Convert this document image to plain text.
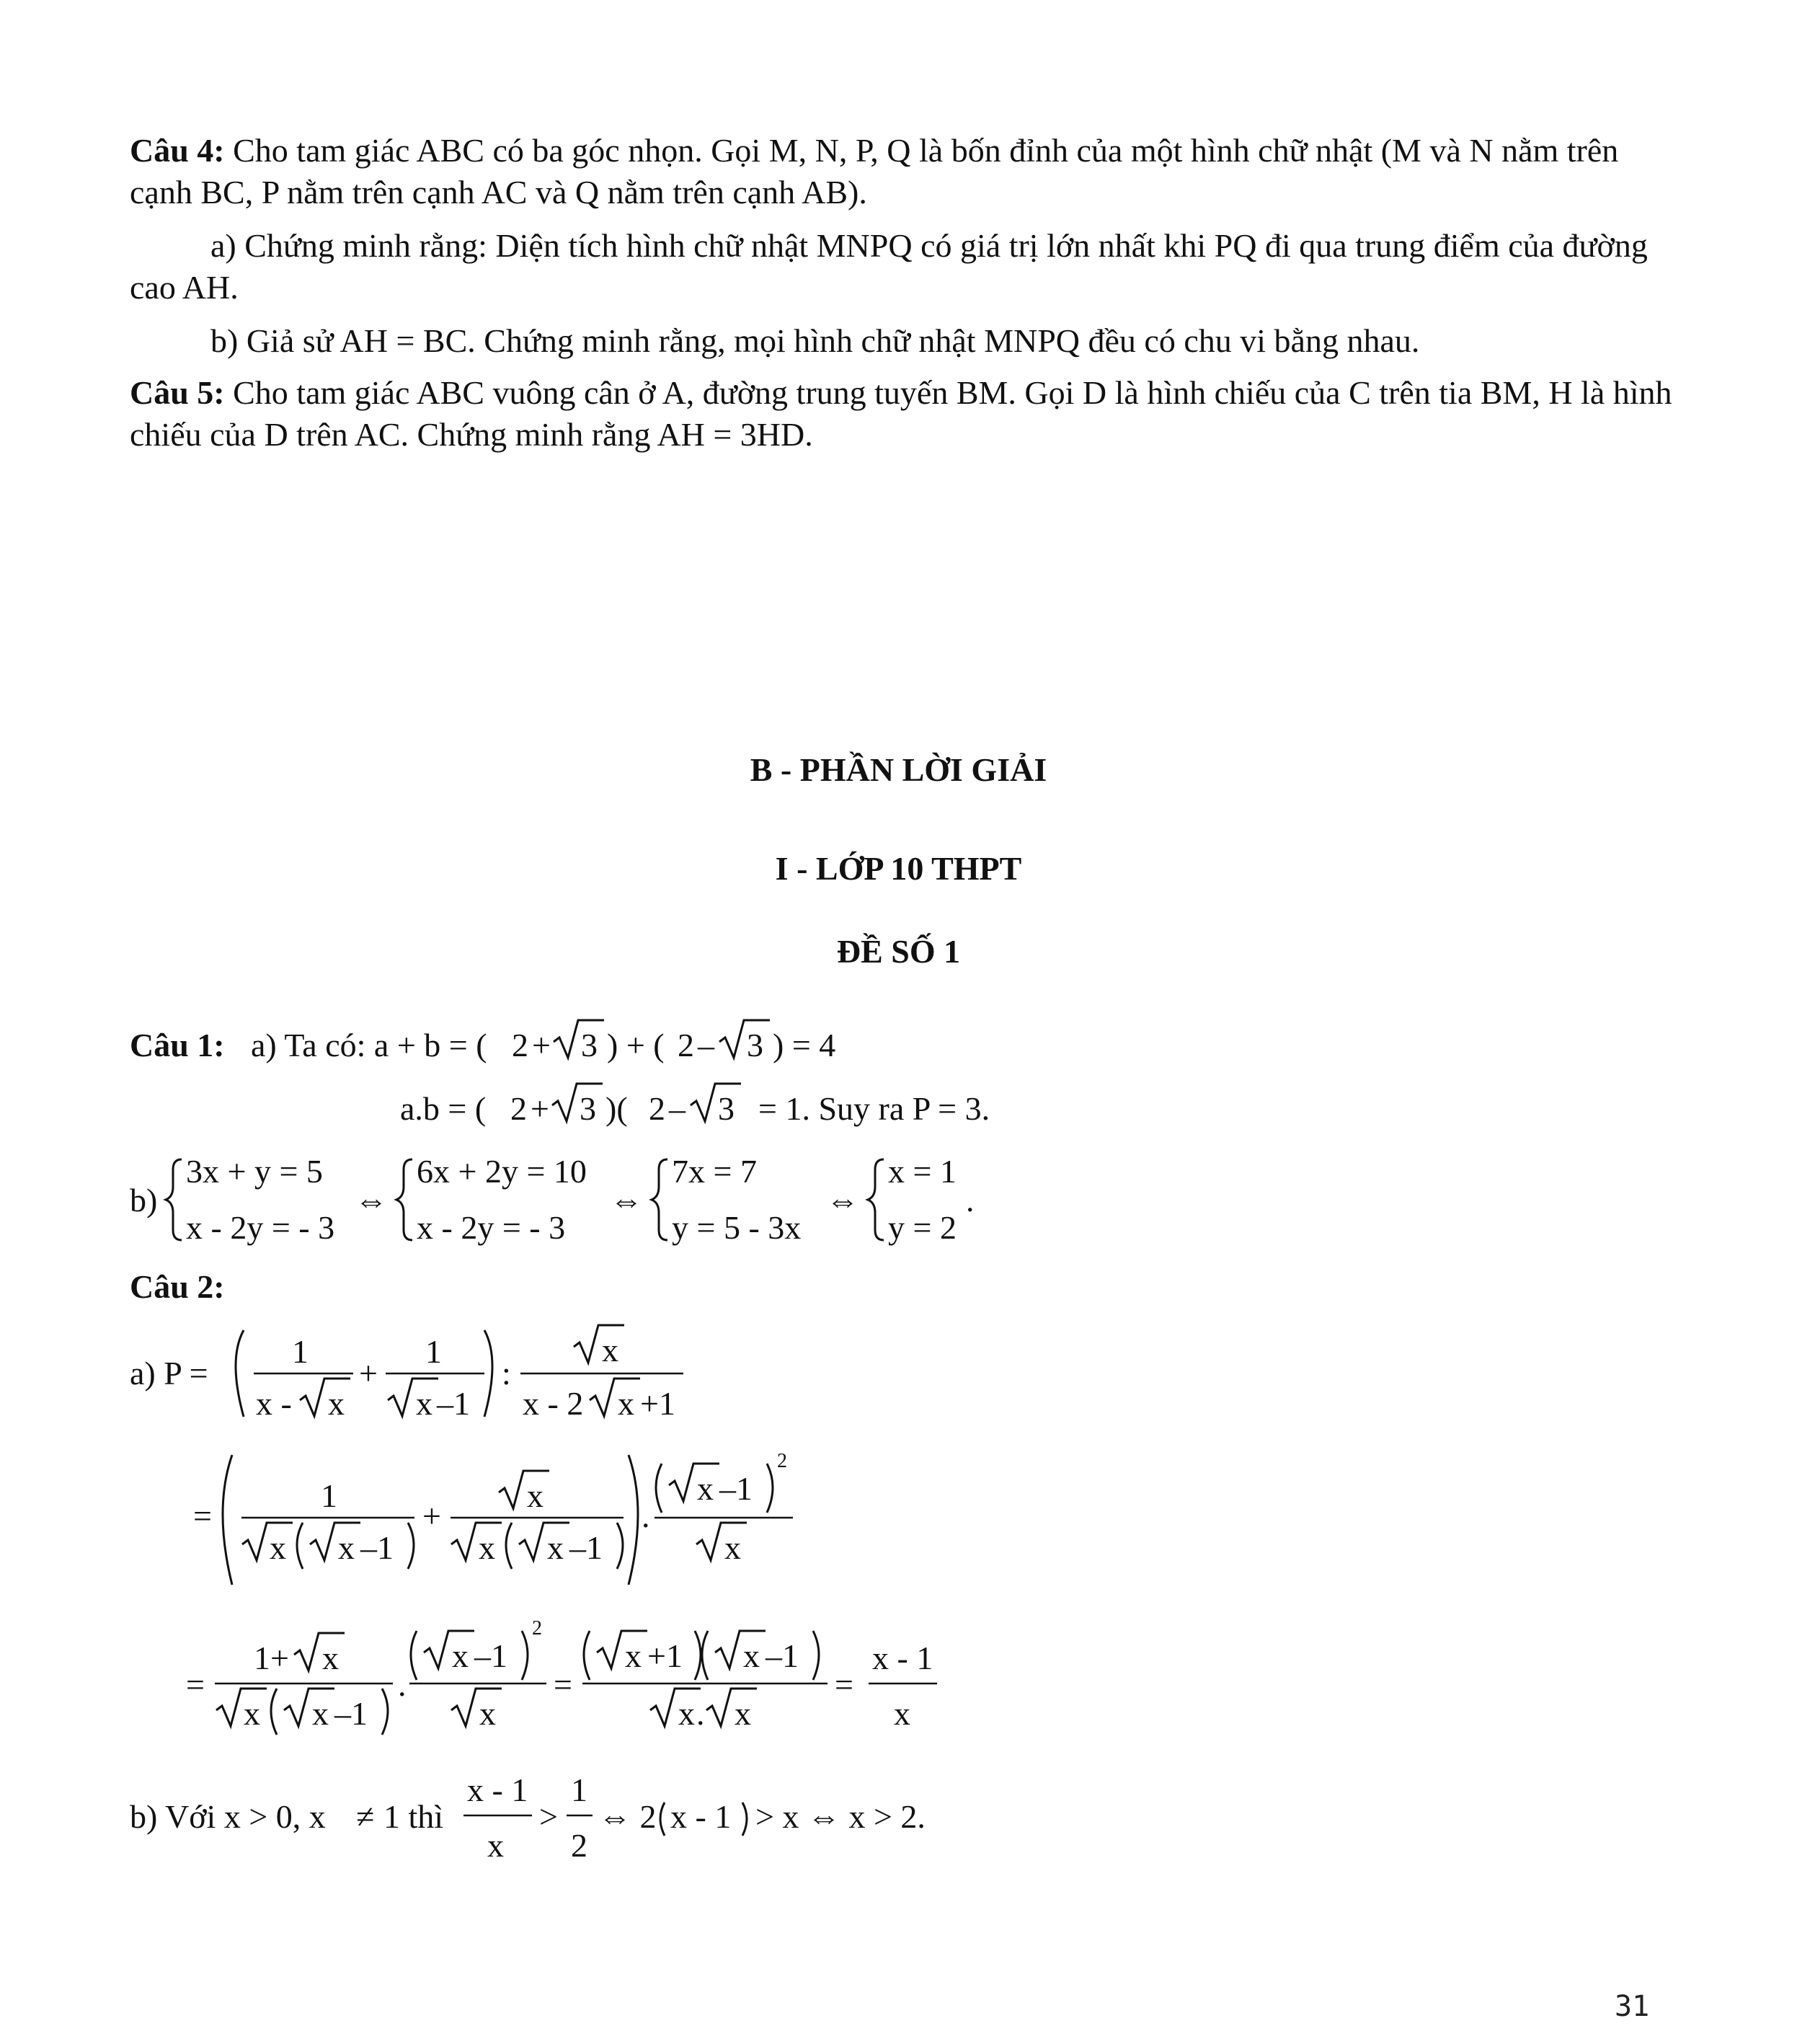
Câu 4: Cho tam giác ABC có ba góc nhọn. Gọi M, N, P, Q là bốn đỉnh của một hình chữ nhật (M và N nằm trên cạnh BC, P nằm trên cạnh AC và Q nằm trên cạnh AB).
a) Chứng minh rằng: Diện tích hình chữ nhật MNPQ có giá trị lớn nhất khi PQ đi qua trung điểm của đường cao AH.
b) Giả sử AH = BC. Chứng minh rằng, mọi hình chữ nhật MNPQ đều có chu vi bằng nhau.
Câu 5: Cho tam giác ABC vuông cân ở A, đường trung tuyến BM. Gọi D là hình chiếu của C trên tia BM, H là hình chiếu của D trên AC. Chứng minh rằng AH = 3HD.
B - PHẦN LỜI GIẢI
I - LỚP 10 THPT
ĐỀ SỐ 1
Câu 1: a) Ta có: a + b = ( 2 + 3 ) + ( 2 – 3 ) = 4
a.b = ( 2 + 3 )( 2 – 3 = 1. Suy ra P = 3.
b)
3x + y = 5
x - 2y = - 3
⇔
6x + 2y = 10
x - 2y = - 3
⇔
7x = 7
y = 5 - 3x
⇔
x = 1
y = 2
.
Câu 2:
a) P =
1
x - x
+
1
x –1
:
x
x - 2 x +1
=
1
x x –1
+
x
x x –1
.
x –1
2
x
=
1+ x
x x –1
.
x –1
2
x
=
x +1 x –1
x . x
=
x - 1
x
b) Với x > 0, x ≠ 1 thì
x - 1
x
>
1
2
⇔ 2 x - 1 > x ⇔ x > 2.
31
